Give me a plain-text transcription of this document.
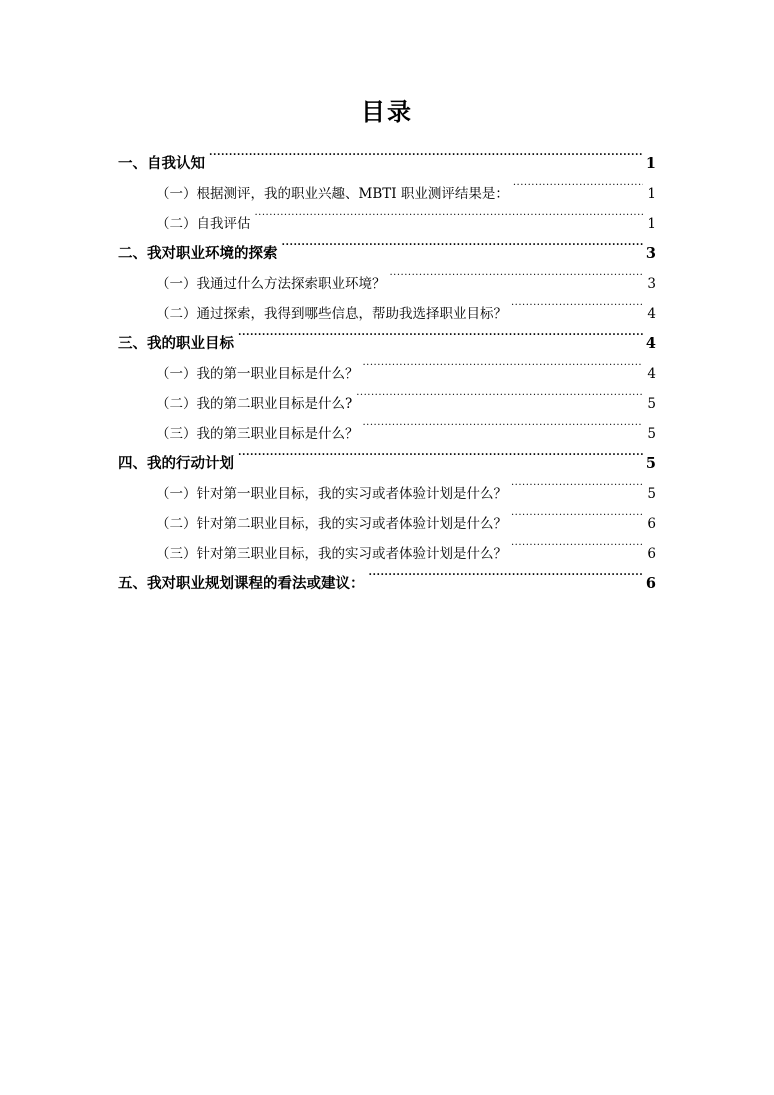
目录
一、自我认知 .....	1
（一）根据测评，我的职业兴趣、MBTI 职业测评结果是： .....	1
（二）自我评估 .....	1
二、我对职业环境的探索 .....	3
（一）我通过什么方法探索职业环境？ .....	3
（二）通过探索，我得到哪些信息，帮助我选择职业目标？ .....	4
三、我的职业目标 .....	4
（一）我的第一职业目标是什么？ .....	4
（二）我的第二职业目标是什么? .....	5
（三）我的第三职业目标是什么？ .....	5
四、我的行动计划 .....	5
（一）针对第一职业目标，我的实习或者体验计划是什么？ .....	5
（二）针对第二职业目标，我的实习或者体验计划是什么？ .....	6
（三）针对第三职业目标，我的实习或者体验计划是什么？ .....	6
五、我对职业规划课程的看法或建议： .....	6
